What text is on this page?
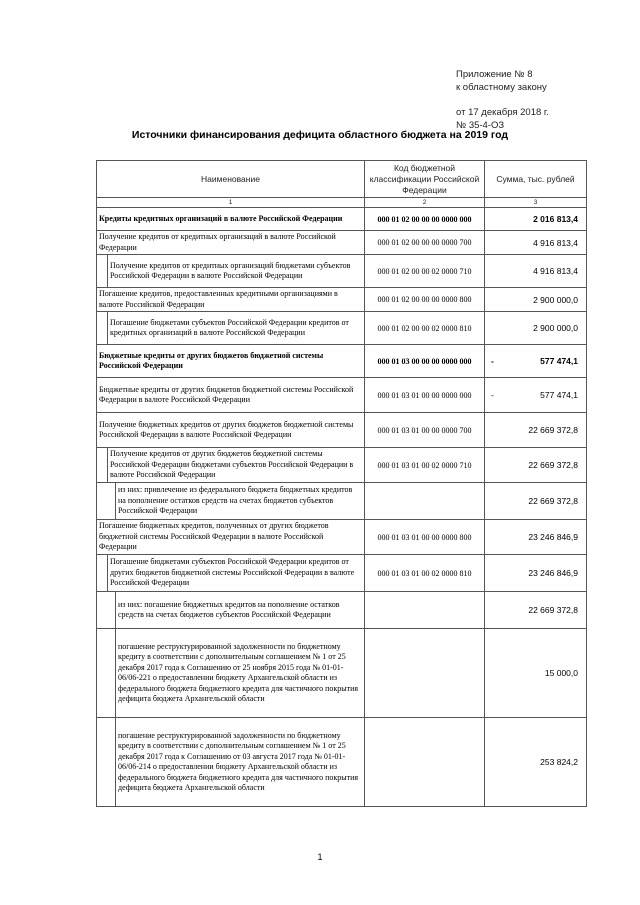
Приложение № 8
к областному закону
от 17 декабря 2018 г.
№ 35-4-ОЗ
Источники финансирования дефицита областного бюджета на 2019 год
Наименование	Код бюджетной классификации Российской Федерации	Сумма, тыс. рублей
1	2	3

Кредиты кредитных организаций в валюте Российской Федерации	000 01 02 00 00 00 0000 000	2 016 813,4

Получение кредитов от кредитных организаций в валюте Российской Федерации	000 01 02 00 00 00 0000 700	4 916 813,4

Получение кредитов от кредитных организаций бюджетами субъектов Российской Федерации в валюте Российской Федерации	000 01 02 00 00 02 0000 710	4 916 813,4

Погашение кредитов, предоставленных кредитными организациями в валюте Российской Федерации	000 01 02 00 00 00 0000 800	2 900 000,0

Погашение бюджетами субъектов Российской Федерации кредитов от кредитных организаций в валюте Российской Федерации	000 01 02 00 00 02 0000 810	2 900 000,0

Бюджетные кредиты от других бюджетов бюджетной системы Российской Федерации	000 01 03 00 00 00 0000 000	- 577 474,1

Бюджетные кредиты от других бюджетов бюджетной системы Российской Федерации в валюте Российской Федерации	000 01 03 01 00 00 0000 000	- 577 474,1

Получение бюджетных кредитов от других бюджетов бюджетной системы Российской Федерации в валюте Российской Федерации	000 01 03 01 00 00 0000 700	22 669 372,8

Получение кредитов от других бюджетов бюджетной системы Российской Федерации бюджетами субъектов Российской Федерации в валюте Российской Федерации	000 01 03 01 00 02 0000 710	22 669 372,8

из них: привлечение из федерального бюджета бюджетных кредитов на пополнение остатков средств на счетах бюджетов субъектов Российской Федерации		22 669 372,8

Погашение бюджетных кредитов, полученных от других бюджетов бюджетной системы Российской Федерации в валюте Российской Федерации	000 01 03 01 00 00 0000 800	23 246 846,9

Погашение бюджетами субъектов Российской Федерации кредитов от других бюджетов бюджетной системы Российской Федерации в валюте Российской Федерации	000 01 03 01 00 02 0000 810	23 246 846,9

из них: погашение бюджетных кредитов на пополнение остатков средств на счетах бюджетов субъектов Российской Федерации		22 669 372,8

погашение реструктурированной задолженности по бюджетному кредиту в соответствии с дополнительным соглашением № 1 от 25 декабря 2017 года к Соглашению от 25 ноября 2015 года № 01-01-06/06-221 о предоставлении бюджету Архангельской области из федерального бюджета бюджетного кредита для частичного покрытия дефицита бюджета Архангельской области		15 000,0

погашение реструктурированной задолженности по бюджетному кредиту в соответствии с дополнительным соглашением № 1 от 25 декабря 2017 года к Соглашению от 03 августа 2017 года № 01-01-06/06-214 о предоставлении бюджету Архангельской области из федерального бюджета бюджетного кредита для частичного покрытия дефицита бюджета Архангельской области		253 824,2
1
